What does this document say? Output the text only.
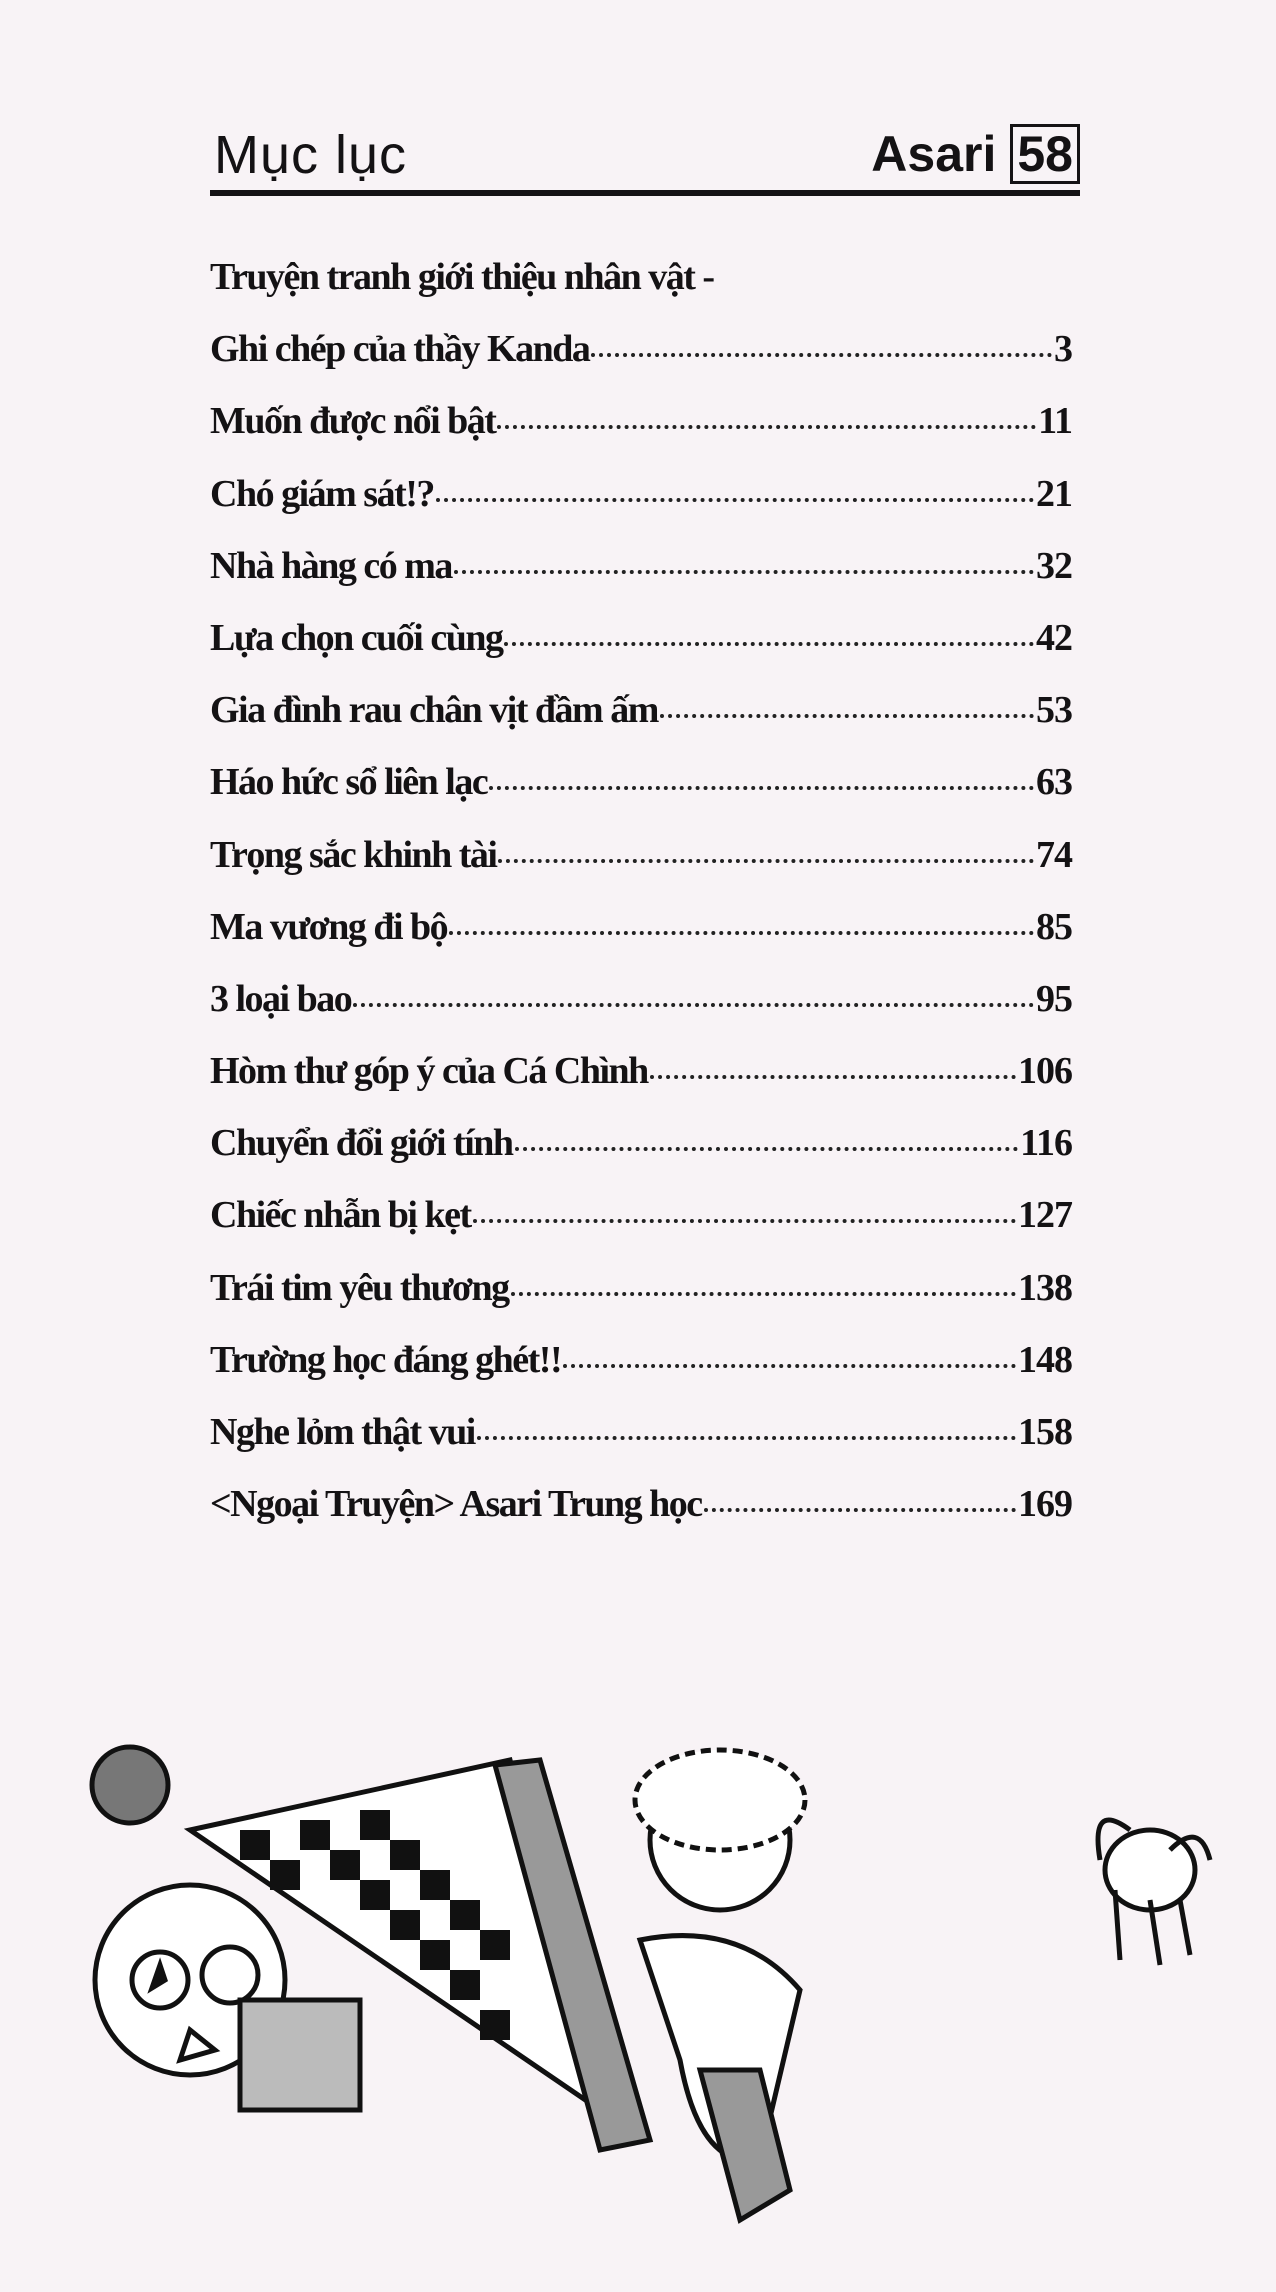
Mục lục	Asari 58
Truyện tranh giới thiệu nhân vật -
Ghi chép của thầy Kanda	3
Muốn được nổi bật	11
Chó giám sát!?	21
Nhà hàng có ma	32
Lựa chọn cuối cùng	42
Gia đình rau chân vịt đầm ấm	53
Háo hức sổ liên lạc	63
Trọng sắc khinh tài	74
Ma vương đi bộ	85
3 loại bao	95
Hòm thư góp ý của Cá Chình	106
Chuyển đổi giới tính	116
Chiếc nhẫn bị kẹt	127
Trái tim yêu thương	138
Trường học đáng ghét!!	148
Nghe lỏm thật vui	158
<Ngoại Truyện> Asari Trung học	169
